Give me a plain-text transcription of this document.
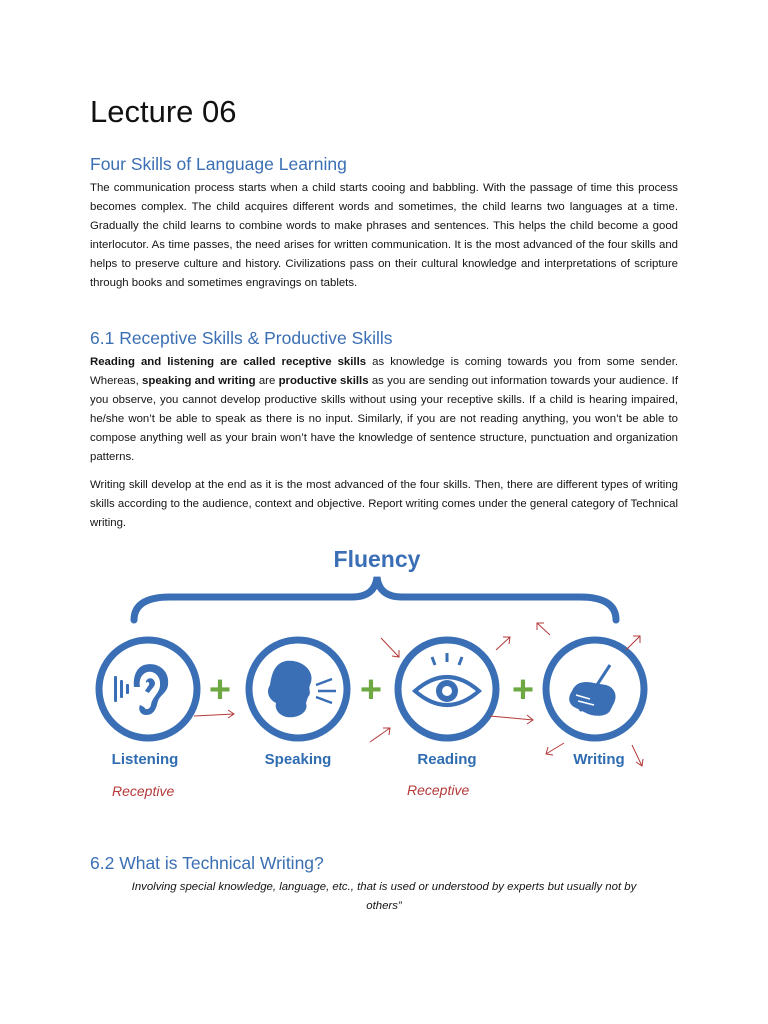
Lecture 06
Four Skills of Language Learning

The communication process starts when a child starts cooing and babbling. With the passage of time this process becomes complex. The child acquires different words and sometimes, the child learns two languages at a time. Gradually the child learns to combine words to make phrases and sentences. This helps the child become a good interlocutor. As time passes, the need arises for written communication. It is the most advanced of the four skills and helps to preserve culture and history. Civilizations pass on their cultural knowledge and interpretations of scripture through books and sometimes engravings on tablets.

6.1 Receptive Skills & Productive Skills

Reading and listening are called receptive skills as knowledge is coming towards you from some sender. Whereas, speaking and writing are productive skills as you are sending out information towards your audience. If you observe, you cannot develop productive skills without using your receptive skills. If a child is hearing impaired, he/she won’t be able to speak as there is no input. Similarly, if you are not reading anything, you won’t be able to compose anything well as your brain won’t have the knowledge of sentence structure, punctuation and organization patterns.

Writing skill develop at the end as it is the most advanced of the four skills. Then, there are different types of writing skills according to the audience, context and objective. Report writing comes under the general category of Technical writing.

6.2 What is Technical Writing?

Involving special knowledge, language, etc., that is used or understood by experts but usually not by
others”

Fluency
+	+	+
Listening	Speaking	Reading	Writing
Receptive	Receptive
